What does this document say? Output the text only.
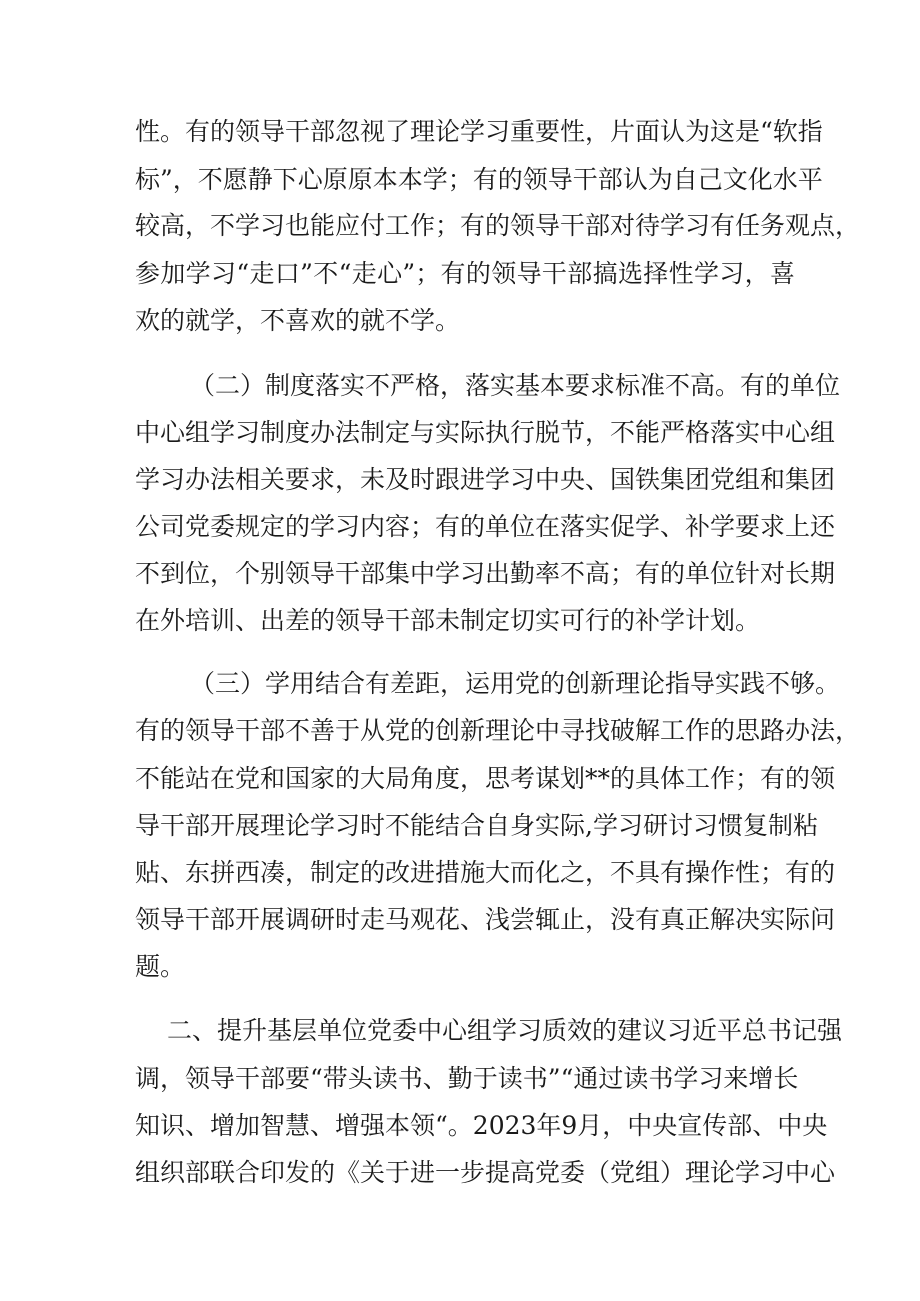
性。有的领导干部忽视了理论学习重要性，片面认为这是“软指
标”，不愿静下心原原本本学；有的领导干部认为自己文化水平
较高，不学习也能应付工作；有的领导干部对待学习有任务观点，
参加学习“走口”不“走心”；有的领导干部搞选择性学习，喜
欢的就学，不喜欢的就不学。
（二）制度落实不严格，落实基本要求标准不高。有的单位
中心组学习制度办法制定与实际执行脱节，不能严格落实中心组
学习办法相关要求，未及时跟进学习中央、国铁集团党组和集团
公司党委规定的学习内容；有的单位在落实促学、补学要求上还
不到位，个别领导干部集中学习出勤率不高；有的单位针对长期
在外培训、出差的领导干部未制定切实可行的补学计划。
（三）学用结合有差距，运用党的创新理论指导实践不够。
有的领导干部不善于从党的创新理论中寻找破解工作的思路办法，
不能站在党和国家的大局角度，思考谋划**的具体工作；有的领
导干部开展理论学习时不能结合自身实际,学习研讨习惯复制粘
贴、东拼西凑，制定的改进措施大而化之，不具有操作性；有的
领导干部开展调研时走马观花、浅尝辄止，没有真正解决实际问
题。
二、提升基层单位党委中心组学习质效的建议习近平总书记强
调，领导干部要“带头读书、勤于读书”“通过读书学习来增长
知识、增加智慧、增强本领“。2023年9月，中央宣传部、中央
组织部联合印发的《关于进一步提高党委（党组）理论学习中心
